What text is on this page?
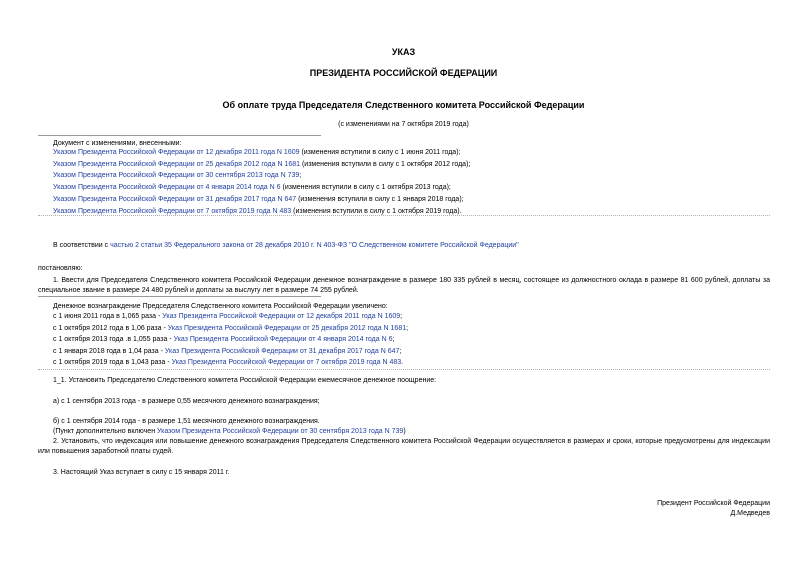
УКАЗ
ПРЕЗИДЕНТА РОССИЙСКОЙ ФЕДЕРАЦИИ
Об оплате труда Председателя Следственного комитета Российской Федерации
(с изменениями на 7 октября 2019 года)
Документ с изменениями, внесенными:
Указом Президента Российской Федерации от 12 декабря 2011 года N 1609 (изменения вступили в силу с 1 июня 2011 года);
Указом Президента Российской Федерации от 25 декабря 2012 года N 1681 (изменения вступили в силу с 1 октября 2012 года);
Указом Президента Российской Федерации от 30 сентября 2013 года N 739;
Указом Президента Российской Федерации от 4 января 2014 года N 6 (изменения вступили в силу с 1 октября 2013 года);
Указом Президента Российской Федерации от 31 декабря 2017 года N 647 (изменения вступили в силу с 1 января 2018 года);
Указом Президента Российской Федерации от 7 октября 2019 года N 483 (изменения вступили в силу с 1 октября 2019 года).
В соответствии с частью 2 статьи 35 Федерального закона от 28 декабря 2010 г. N 403-ФЗ "О Следственном комитете Российской Федерации"
постановляю:
1. Ввести для Председателя Следственного комитета Российской Федерации денежное вознаграждение в размере 180 335 рублей в месяц, состоящее из должностного оклада в размере 81 600 рублей, доплаты за специальное звание в размере 24 480 рублей и доплаты за выслугу лет в размере 74 255 рублей.
Денежное вознаграждение Председателя Следственного комитета Российской Федерации увеличено:
с 1 июня 2011 года в 1,065 раза - Указ Президента Российской Федерации от 12 декабря 2011 года N 1609;
с 1 октября 2012 года в 1,06 раза - Указ Президента Российской Федерации от 25 декабря 2012 года N 1681;
с 1 октября 2013 года .в 1,055 раза - Указ Президента Российской Федерации от 4 января 2014 года N 6;
с 1 января 2018 года в 1,04 раза - Указ Президента Российской Федерации от 31 декабря 2017 года N 647;
с 1 октября 2019 года в 1,043 раза - Указ Президента Российской Федерации от 7 октября 2019 года N 483.
1_1. Установить Председателю Следственного комитета Российской Федерации ежемесячное денежное поощрение:
а) с 1 сентября 2013 года - в размере 0,55 месячного денежного вознаграждения;
б) с 1 сентября 2014 года - в размере 1,51 месячного денежного вознаграждения.
(Пункт дополнительно включен Указом Президента Российской Федерации от 30 сентября 2013 года N 739)
2. Установить, что индексация или повышение денежного вознаграждения Председателя Следственного комитета Российской Федерации осуществляется в размерах и сроки, которые предусмотрены для индексации или повышения заработной платы судей.
3. Настоящий Указ вступает в силу с 15 января 2011 г.
Президент Российской Федерации
Д.Медведев
